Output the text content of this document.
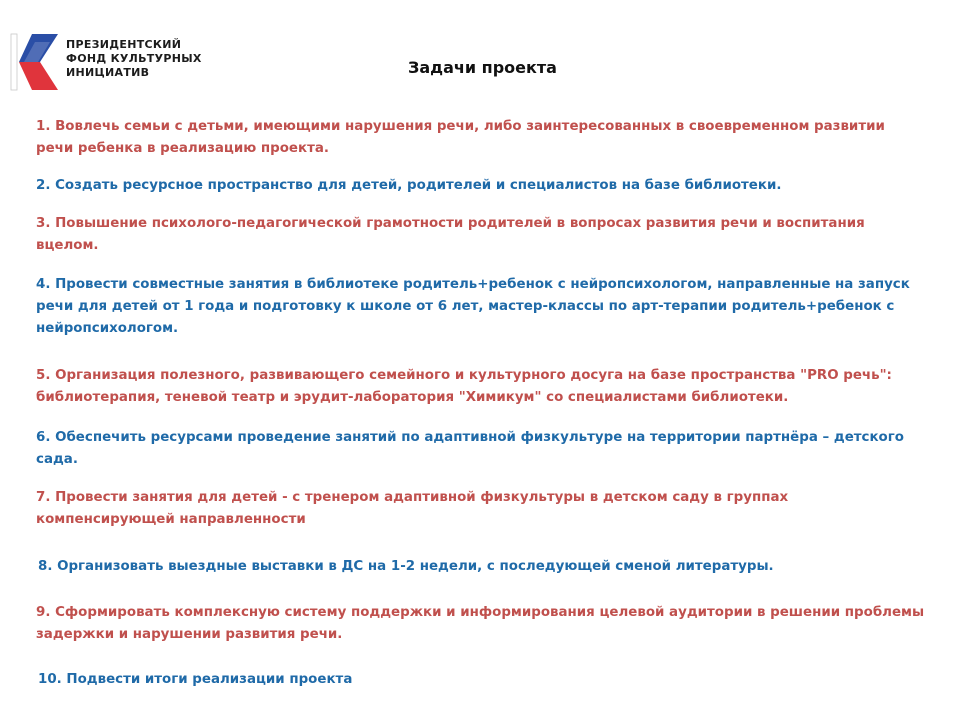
ПРЕЗИДЕНТСКИЙ
ФОНД КУЛЬТУРНЫХ
ИНИЦИАТИВ	Задачи проекта
1. Вовлечь семьи с детьми, имеющими нарушения речи, либо заинтересованных в своевременном развитии речи ребенка в реализацию проекта.
2. Создать ресурсное пространство для детей, родителей и специалистов на базе библиотеки.
3. Повышение психолого-педагогической грамотности родителей в вопросах развития речи и воспитания вцелом.
4. Провести совместные занятия в библиотеке родитель+ребенок с нейропсихологом, направленные на запуск речи для детей от 1 года и подготовку к школе от 6 лет, мастер-классы по арт-терапии родитель+ребенок с нейропсихологом.
5. Организация полезного, развивающего семейного и культурного досуга на базе пространства "PRO речь": библиотерапия, теневой театр и эрудит-лаборатория "Химикум" со специалистами библиотеки.
6. Обеспечить ресурсами проведение занятий по адаптивной физкультуре на территории партнёра – детского сада.
7. Провести занятия для детей - с тренером адаптивной физкультуры в детском саду в группах компенсирующей направленности
8. Организовать выездные выставки в ДС на 1-2 недели, с последующей сменой литературы.
9. Сформировать комплексную систему поддержки и информирования целевой аудитории в решении проблемы задержки и нарушении развития речи.
10. Подвести итоги реализации проекта
